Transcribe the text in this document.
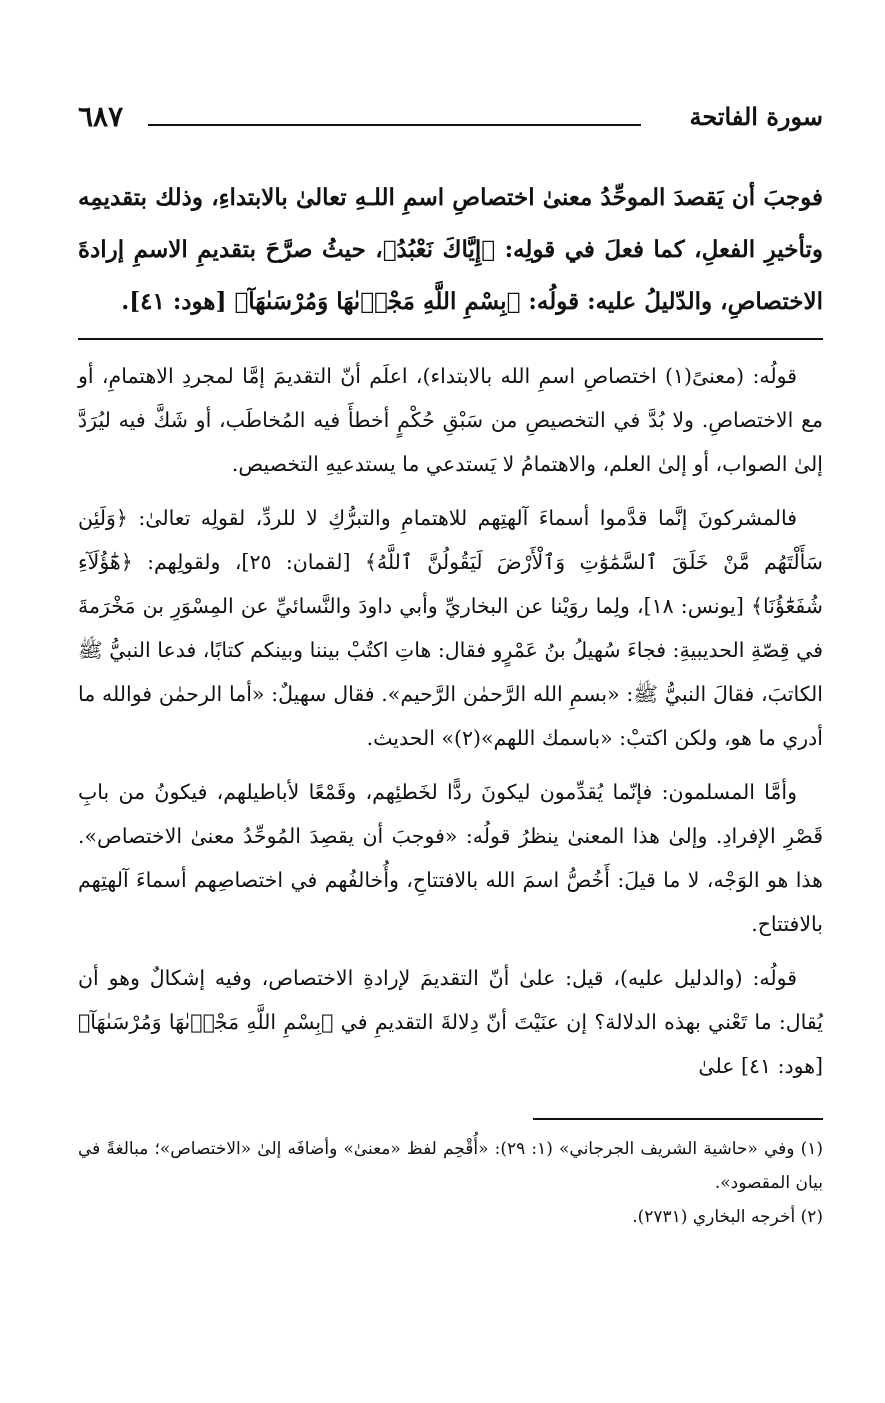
سورة الفاتحة
٦٨٧
فوجبَ أن يَقصدَ الموحِّدُ معنىٰ اختصاصِ اسمِ اللـهِ تعالىٰ بالابتداءِ، وذلك بتقديمِه وتأخيرِ الفعلِ، كما فعلَ في قولِه: ﴿إِيَّاكَ نَعْبُدُ﴾، حيثُ صرَّحَ بتقديمِ الاسمِ إرادةَ الاختصاصِ، والدّليلُ عليه: قولُه: ﴿بِسْمِ اللَّهِ مَجْرٜىٰهَا وَمُرْسَىٰهَآ﴾ [هود: ٤١].

قولُه: (معنىً(١) اختصاصِ اسمِ الله بالابتداء)، اعلَم أنّ التقديمَ إمَّا لمجردِ الاهتمامِ، أو مع الاختصاصِ. ولا بُدَّ في التخصيصِ من سَبْقِ حُكْمٍ أخطأَ فيه المُخاطَب، أو شَكَّ فيه ليُرَدَّ إلىٰ الصواب، أو إلىٰ العلم، والاهتمامُ لا يَستدعي ما يستدعيهِ التخصيص.

فالمشركونَ إنَّما قدَّموا أسماءَ آلهتِهم للاهتمامِ والتبرُّكِ لا للردِّ، لقولِه تعالىٰ: ﴿وَلَئِن سَأَلْتَهُم مَّنْ خَلَقَ ٱلسَّمَٰوَٰتِ وَٱلْأَرْضَ لَيَقُولُنَّ ٱللَّهُ﴾ [لقمان: ٢٥]، ولقولِهم: ﴿هَٰٓؤُلَآءِ شُفَعَٰٓؤُنَا﴾ [يونس: ١٨]، ولِما روَيْنا عن البخاريِّ وأبي داودَ والنَّسائيِّ عن المِسْوَرِ بن مَخْرَمةَ في قِصّةِ الحديبيةِ: فجاءَ سُهيلُ بنُ عَمْرٍو فقال: هاتِ اكتُبْ بيننا وبينكم كتابًا، فدعا النبيُّ ﷺ الكاتبَ، فقالَ النبيُّ ﷺ: «بسمِ الله الرَّحمٰن الرَّحيم». فقال سهيلٌ: «أما الرحمٰن فوالله ما أدري ما هو، ولكن اكتبْ: «باسمك اللهم»(٢)» الحديث.

وأمَّا المسلمون: فإنّما يُقدِّمون ليكونَ ردًّا لخَطئِهم، وقَمْعًا لأباطيلهم، فيكونُ من بابِ قَصْرِ الإفرادِ. وإلىٰ هذا المعنىٰ ينظرُ قولُه: «فوجبَ أن يقصِدَ المُوحِّدُ معنىٰ الاختصاص». هذا هو الوَجْه، لا ما قيلَ: أَخُصُّ اسمَ الله بالافتتاحِ، وأُخالفُهم في اختصاصِهم أسماءَ آلهتِهم بالافتتاح.

قولُه: (والدليل عليه)، قيل: علىٰ أنّ التقديمَ لإرادةِ الاختصاص، وفيه إشكالٌ وهو أن يُقال: ما تَعْني بهذه الدلالة؟ إن عنَيْتَ أنّ دِلالةَ التقديمِ في ﴿بِسْمِ اللَّهِ مَجْرٜىٰهَا وَمُرْسَىٰهَآ﴾ [هود: ٤١] علىٰ

(١) وفي «حاشية الشريف الجرجاني» (١: ٢٩): «أُقْحِم لفظ «معنىٰ» وأضافَه إلىٰ «الاختصاص»؛ مبالغةً في بيان المقصود».

(٢) أخرجه البخاري (٢٧٣١).
